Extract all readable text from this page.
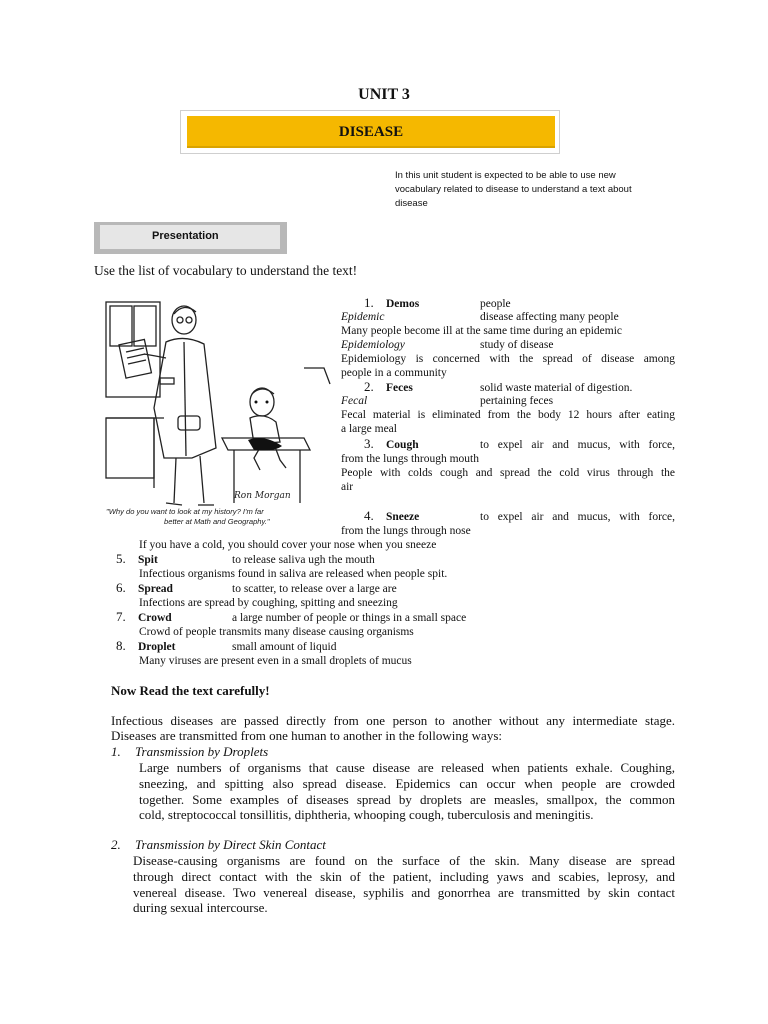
UNIT 3
DISEASE
In this unit student is expected to be able to use new
vocabulary related to disease to understand a text about
disease
Presentation
Use the list of vocabulary to understand the text!
Ron Morgan
"Why do you want to look at my history? I'm far
better at Math and Geography."
1. Demos	people
Epidemic	disease affecting many people
Many people become ill at the same time during an epidemic
Epidemiology	study of disease
Epidemiology is concerned with the spread of disease among
people in a community
2. Feces	solid waste material of digestion.
Fecal	pertaining feces
Fecal material is eliminated from the body 12 hours after eating
a large meal
3. Cough	to expel air and mucus, with force,
from the lungs through mouth
People with colds cough and spread the cold virus through the
air
4. Sneeze	to expel air and mucus, with force,
from the lungs through nose
If you have a cold, you should cover your nose when you sneeze
5. Spit	to release saliva ugh the mouth
Infectious organisms found in saliva are released when people spit.
6. Spread	to scatter, to release over a large are
Infections are spread by coughing, spitting and sneezing
7. Crowd	a large number of people or things in a small space
Crowd of people transmits many disease causing organisms
8. Droplet	small amount of liquid
Many viruses are present even in a small droplets of mucus
Now Read the text carefully!
Infectious diseases are passed directly from one person to another without any intermediate stage.
Diseases are transmitted from one human to another in the following ways:
1. Transmission by Droplets
Large numbers of organisms that cause disease are released when patients exhale. Coughing,
sneezing, and spitting also spread disease. Epidemics can occur when people are crowded
together. Some examples of diseases spread by droplets are measles, smallpox, the common
cold, streptococcal tonsillitis, diphtheria, whooping cough, tuberculosis and meningitis.
2. Transmission by Direct Skin Contact
Disease-causing organisms are found on the surface of the skin. Many disease are spread
through direct contact with the skin of the patient, including yaws and scabies, leprosy, and
venereal disease. Two venereal disease, syphilis and gonorrhea are transmitted by skin contact
during sexual intercourse.
